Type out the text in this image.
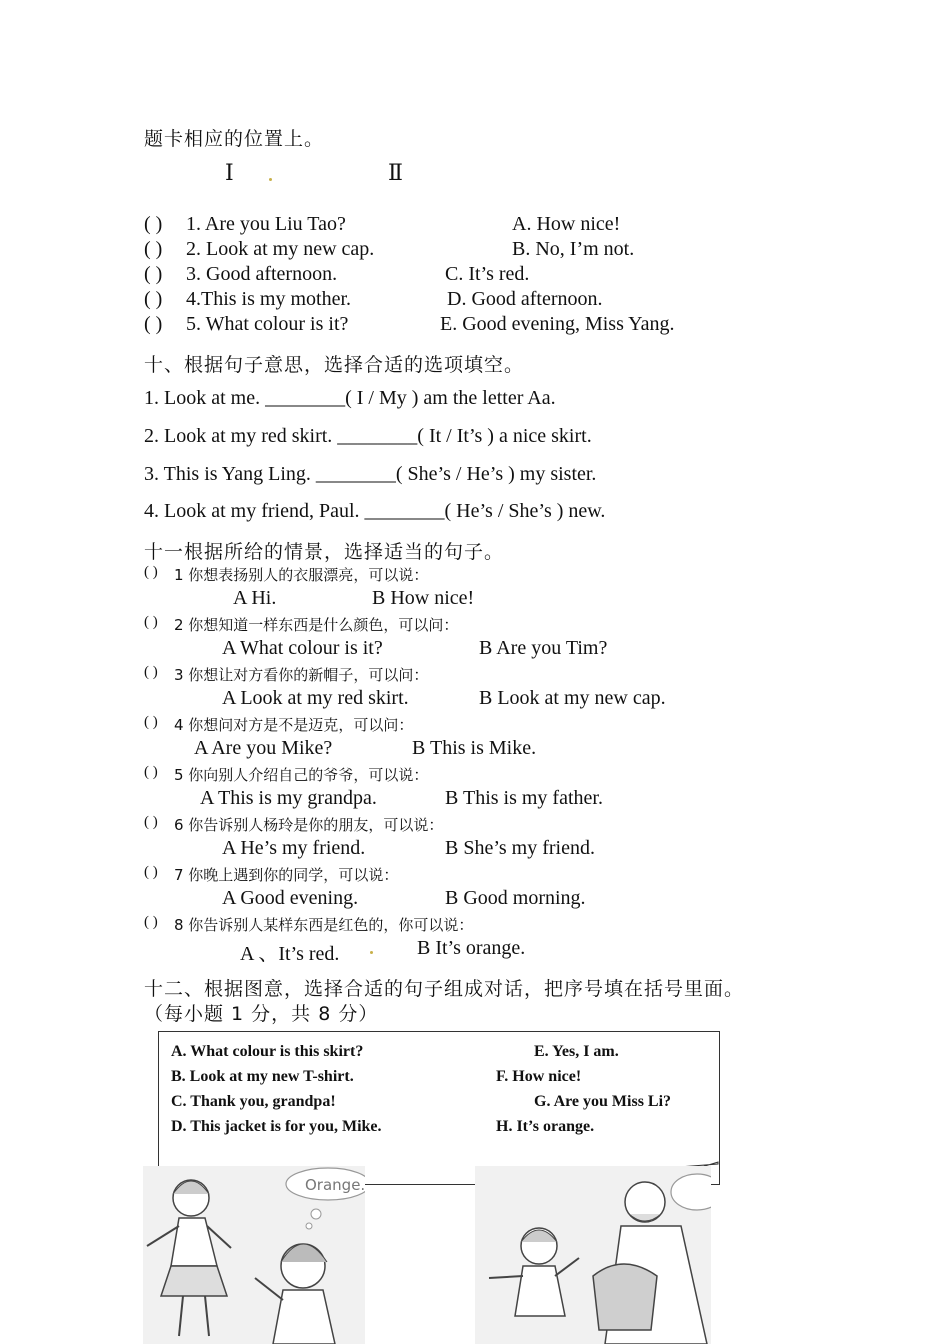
题卡相应的位置上。
Ⅰ	Ⅱ
( ) 1. Are you Liu Tao?	A. How nice!
( ) 2. Look at my new cap.	B. No, I’m not.
( ) 3. Good afternoon.	C. It’s red.
( ) 4.This is my mother.	D. Good afternoon.
( ) 5. What colour is it?	E. Good evening, Miss Yang.
十、根据句子意思，选择合适的选项填空。
1. Look at me. ________( I / My ) am the letter Aa.
2. Look at my red skirt. ________( It / It’s ) a nice skirt.
3. This is Yang Ling. ________( She’s / He’s ) my sister.
4. Look at my friend, Paul. ________( He’s / She’s ) new.
十一根据所给的情景，选择适当的句子。
( ) 1 你想表扬别人的衣服漂亮，可以说：
A Hi.	B How nice!
( ) 2 你想知道一样东西是什么颜色，可以问：
A What colour is it?	B Are you Tim?
( ) 3 你想让对方看你的新帽子，可以问：
A Look at my red skirt.	B Look at my new cap.
( ) 4 你想问对方是不是迈克，可以问：
A Are you Mike?	B This is Mike.
( ) 5 你向别人介绍自己的爷爷，可以说：
A This is my grandpa.	B This is my father.
( ) 6 你告诉别人杨玲是你的朋友，可以说：
A He’s my friend.	B She’s my friend.
( ) 7 你晚上遇到你的同学，可以说：
A Good evening.	B Good morning.
( ) 8 你告诉别人某样东西是红色的，你可以说：
A 、It’s red.	B It’s orange.
十二、根据图意，选择合适的句子组成对话，把序号填在括号里面。
（每小题 1 分，共 8 分）
A. What colour is this skirt?
B. Look at my new T-shirt.
C. Thank you, grandpa!
D. This jacket is for you, Mike.
E. Yes, I am.
F. How nice!
G. Are you Miss Li?
H. It’s orange.
Orange.
